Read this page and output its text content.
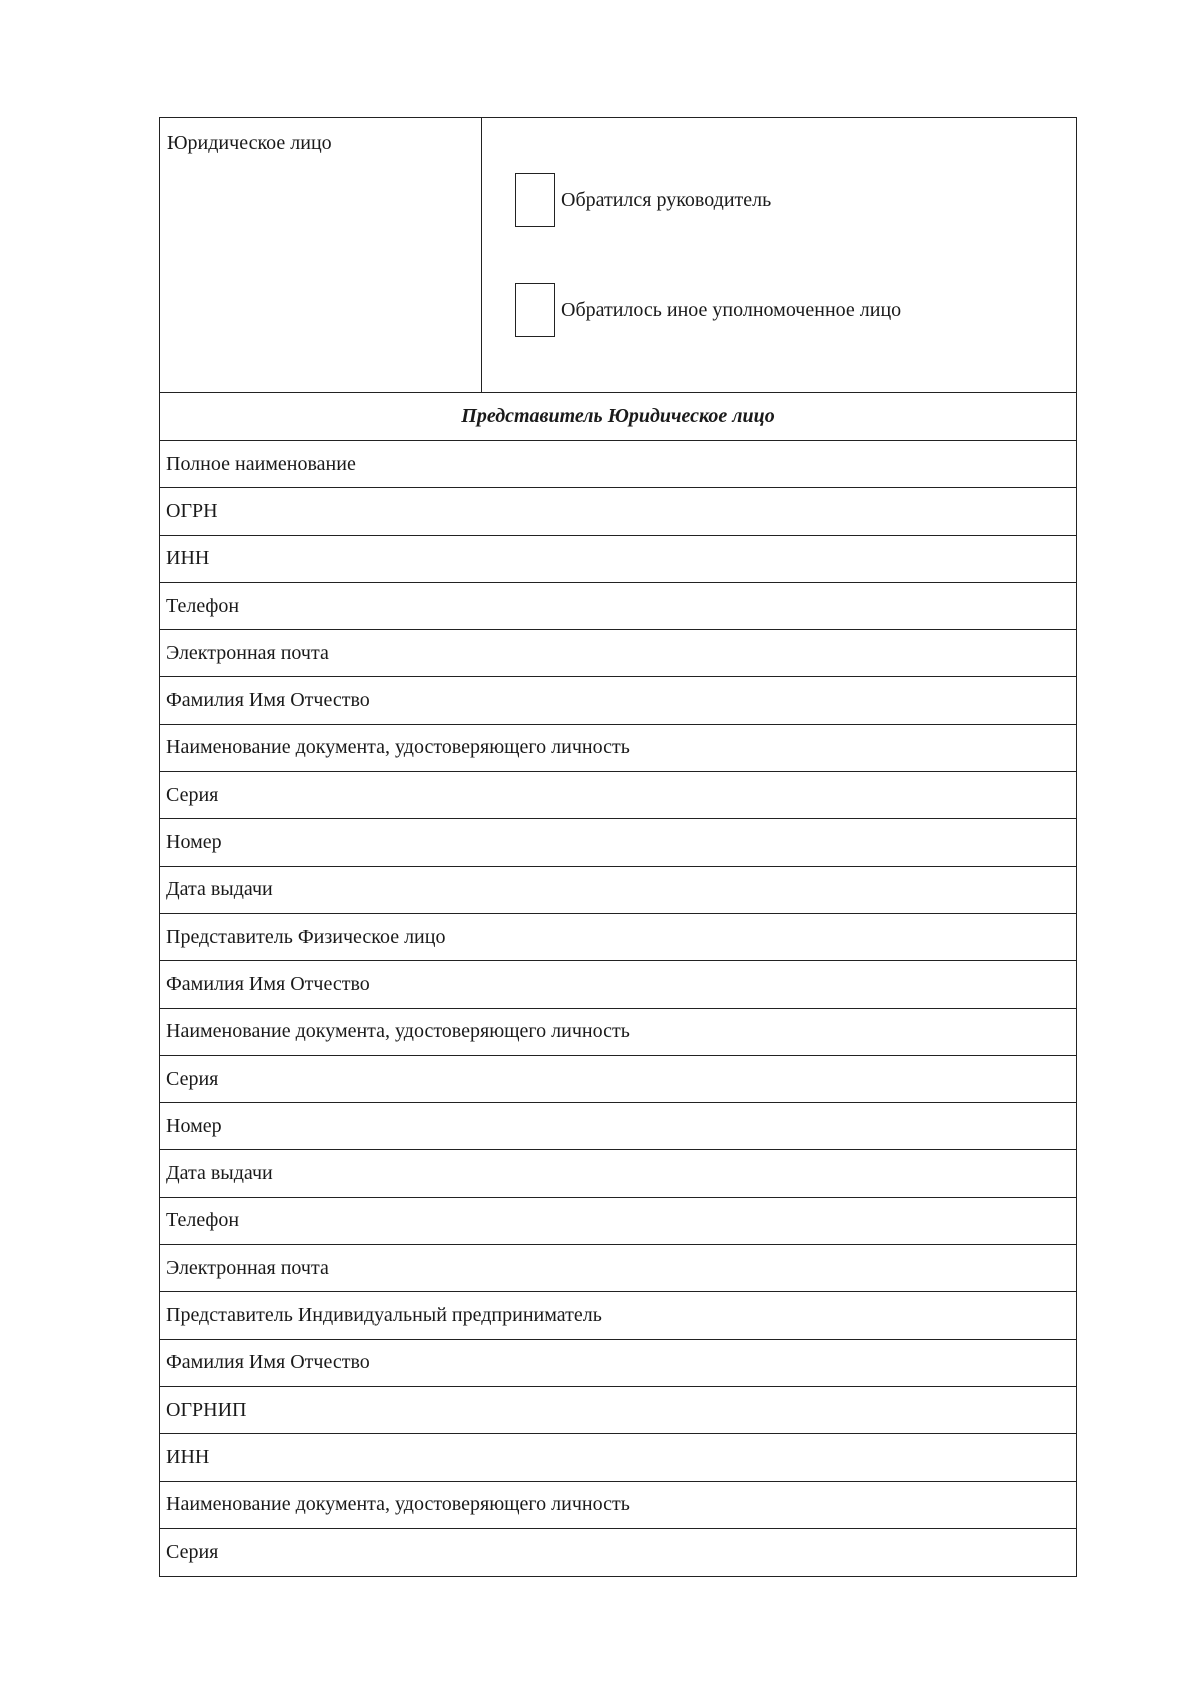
Юридическое лицо
Обратился руководитель
Обратилось иное уполномоченное лицо
Представитель Юридическое лицо
Полное наименование
ОГРН
ИНН
Телефон
Электронная почта
Фамилия Имя Отчество
Наименование документа, удостоверяющего личность
Серия
Номер
Дата выдачи
Представитель Физическое лицо
Фамилия Имя Отчество
Наименование документа, удостоверяющего личность
Серия
Номер
Дата выдачи
Телефон
Электронная почта
Представитель Индивидуальный предприниматель
Фамилия Имя Отчество
ОГРНИП
ИНН
Наименование документа, удостоверяющего личность
Серия
